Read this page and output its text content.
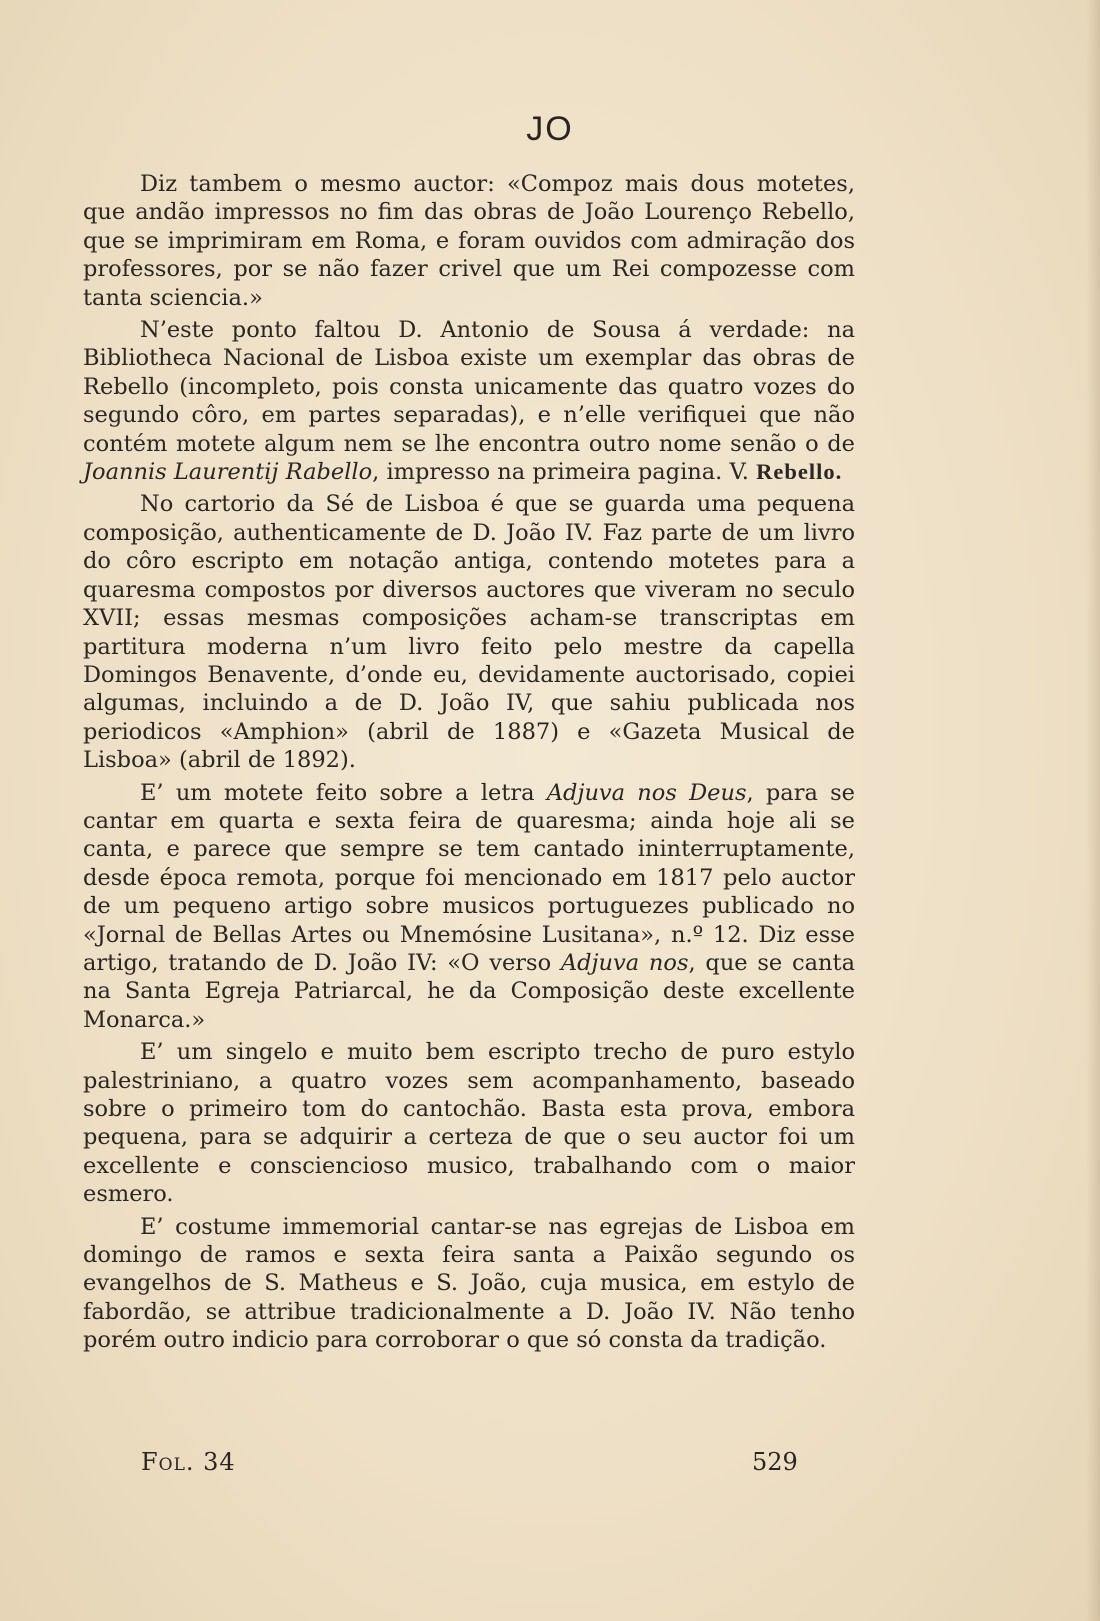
JO

Diz tambem o mesmo auctor: «Compoz mais dous motetes, que andão impressos no fim das obras de João Lourenço Rebello, que se imprimiram em Roma, e foram ouvidos com admiração dos professores, por se não fazer crivel que um Rei compozesse com tanta sciencia.»

N’este ponto faltou D. Antonio de Sousa á verdade: na Bibliotheca Nacional de Lisboa existe um exemplar das obras de Rebello (incompleto, pois consta unicamente das quatro vozes do segundo côro, em partes separadas), e n’elle verifiquei que não contém motete algum nem se lhe encontra outro nome senão o de Joannis Laurentij Rabello, impresso na primeira pagina. V. Rebello.

No cartorio da Sé de Lisboa é que se guarda uma pequena composição, authenticamente de D. João IV. Faz parte de um livro do côro escripto em notação antiga, contendo motetes para a quaresma compostos por diversos auctores que viveram no seculo XVII; essas mesmas composições acham-se transcriptas em partitura moderna n’um livro feito pelo mestre da capella Domingos Benavente, d’onde eu, devidamente auctorisado, copiei algumas, incluindo a de D. João IV, que sahiu publicada nos periodicos «Amphion» (abril de 1887) e «Gazeta Musical de Lisboa» (abril de 1892).

E’ um motete feito sobre a letra Adjuva nos Deus, para se cantar em quarta e sexta feira de quaresma; ainda hoje ali se canta, e parece que sempre se tem cantado ininterruptamente, desde época remota, porque foi mencionado em 1817 pelo auctor de um pequeno artigo sobre musicos portuguezes publicado no «Jornal de Bellas Artes ou Mnemósine Lusitana», n.º 12. Diz esse artigo, tratando de D. João IV: «O verso Adjuva nos, que se canta na Santa Egreja Patriarcal, he da Composição deste excellente Monarca.»

E’ um singelo e muito bem escripto trecho de puro estylo palestriniano, a quatro vozes sem acompanhamento, baseado sobre o primeiro tom do cantochão. Basta esta prova, embora pequena, para se adquirir a certeza de que o seu auctor foi um excellente e consciencioso musico, trabalhando com o maior esmero.

E’ costume immemorial cantar-se nas egrejas de Lisboa em domingo de ramos e sexta feira santa a Paixão segundo os evangelhos de S. Matheus e S. João, cuja musica, em estylo de fabordão, se attribue tradicionalmente a D. João IV. Não tenho porém outro indicio para corroborar o que só consta da tradição.

Fol. 34	529
